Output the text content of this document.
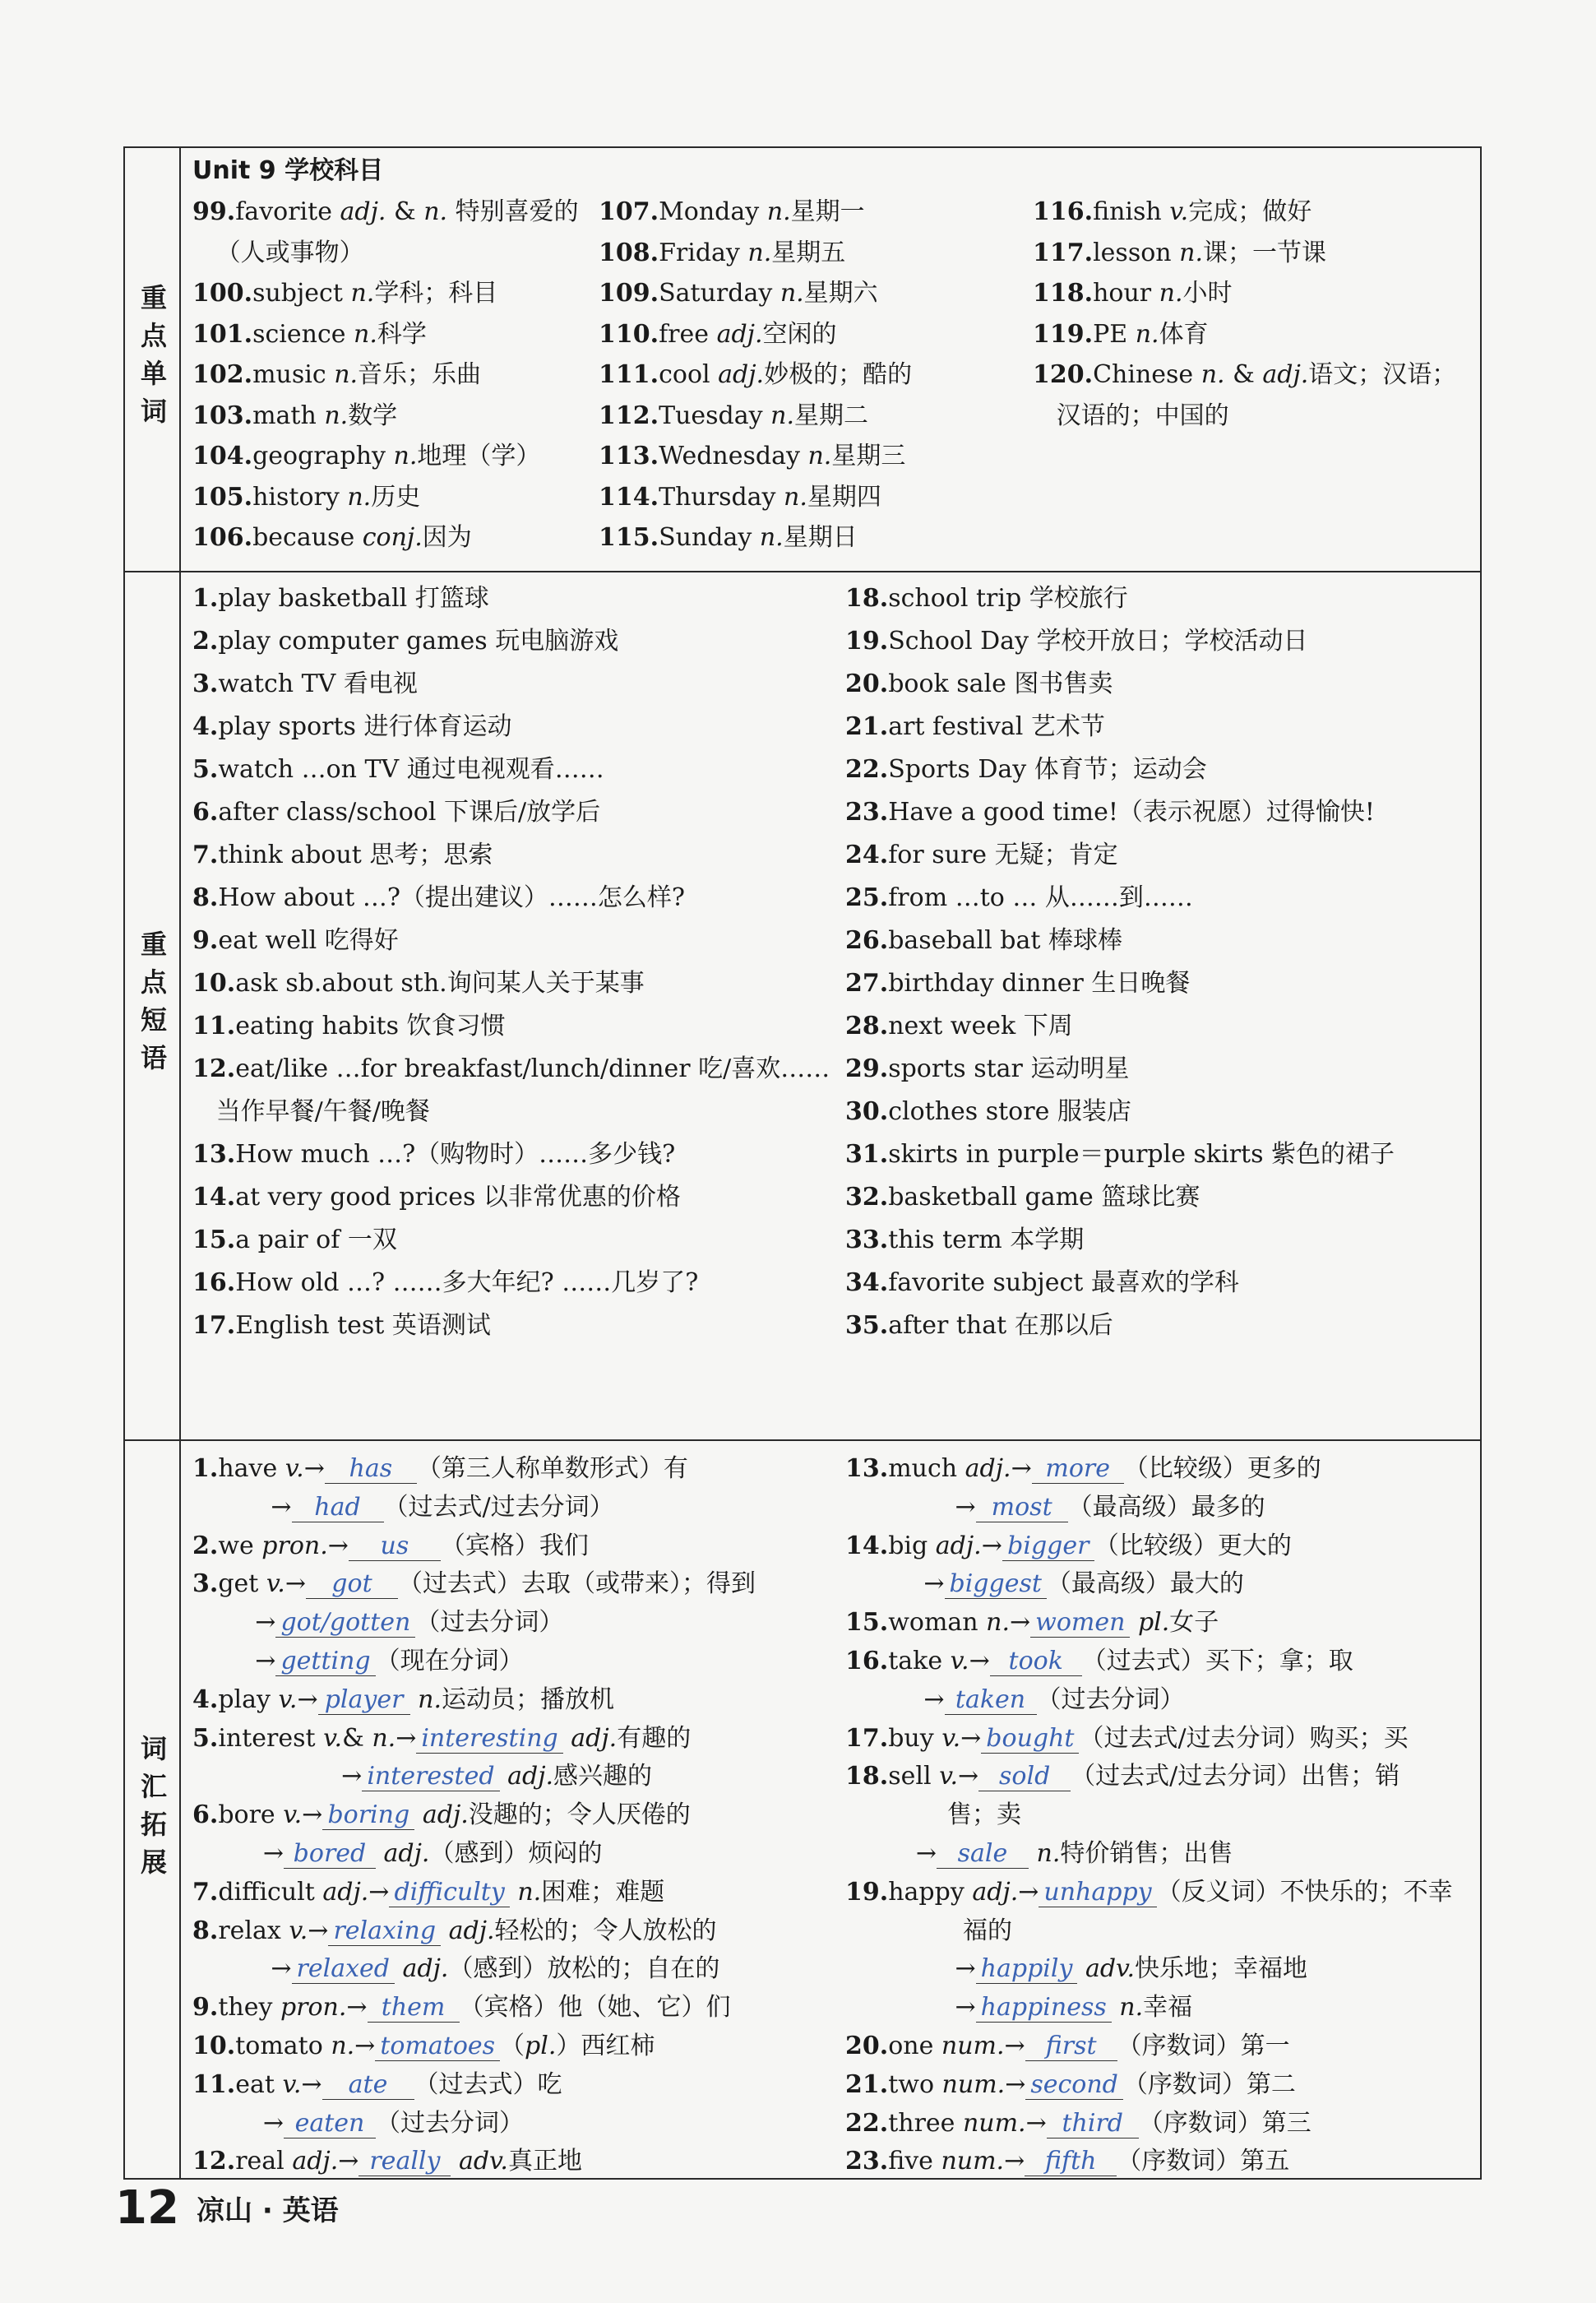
重点单词
Unit 9 学校科目
99.favorite adj. & n. 特别喜爱的
（人或事物）
100.subject n.学科；科目
101.science n.科学
102.music n.音乐；乐曲
103.math n.数学
104.geography n.地理（学）
105.history n.历史
106.because conj.因为
107.Monday n.星期一
108.Friday n.星期五
109.Saturday n.星期六
110.free adj.空闲的
111.cool adj.妙极的；酷的
112.Tuesday n.星期二
113.Wednesday n.星期三
114.Thursday n.星期四
115.Sunday n.星期日
116.finish v.完成；做好
117.lesson n.课；一节课
118.hour n.小时
119.PE n.体育
120.Chinese n. & adj.语文；汉语；
汉语的；中国的
重点短语
1.play basketball 打篮球
2.play computer games 玩电脑游戏
3.watch TV 看电视
4.play sports 进行体育运动
5.watch …on TV 通过电视观看……
6.after class/school 下课后/放学后
7.think about 思考；思索
8.How about …?（提出建议）……怎么样?
9.eat well 吃得好
10.ask sb.about sth.询问某人关于某事
11.eating habits 饮食习惯
12.eat/like …for breakfast/lunch/dinner 吃/喜欢……
当作早餐/午餐/晚餐
13.How much …?（购物时）……多少钱?
14.at very good prices 以非常优惠的价格
15.a pair of 一双
16.How old …? ……多大年纪? ……几岁了?
17.English test 英语测试
18.school trip 学校旅行
19.School Day 学校开放日；学校活动日
20.book sale 图书售卖
21.art festival 艺术节
22.Sports Day 体育节；运动会
23.Have a good time!（表示祝愿）过得愉快!
24.for sure 无疑；肯定
25.from …to … 从……到……
26.baseball bat 棒球棒
27.birthday dinner 生日晚餐
28.next week 下周
29.sports star 运动明星
30.clothes store 服装店
31.skirts in purple＝purple skirts 紫色的裙子
32.basketball game 篮球比赛
33.this term 本学期
34.favorite subject 最喜欢的学科
35.after that 在那以后
词汇拓展
1.have v.→ has （第三人称单数形式）有
→ had （过去式/过去分词）
2.we pron.→ us （宾格）我们
3.get v.→ got （过去式）去取（或带来）；得到
→ got/gotten （过去分词）
→ getting （现在分词）
4.play v.→ player n.运动员；播放机
5.interest v.& n.→ interesting adj.有趣的
→ interested adj.感兴趣的
6.bore v.→ boring adj.没趣的；令人厌倦的
→ bored adj.（感到）烦闷的
7.difficult adj.→ difficulty n.困难；难题
8.relax v.→ relaxing adj.轻松的；令人放松的
→ relaxed adj.（感到）放松的；自在的
9.they pron.→ them （宾格）他（她、它）们
10.tomato n.→ tomatoes （pl.）西红柿
11.eat v.→ ate （过去式）吃
→ eaten （过去分词）
12.real adj.→ really adv.真正地
13.much adj.→ more （比较级）更多的
→ most （最高级）最多的
14.big adj.→ bigger （比较级）更大的
→ biggest （最高级）最大的
15.woman n.→ women pl.女子
16.take v.→ took （过去式）买下；拿；取
→ taken （过去分词）
17.buy v.→ bought （过去式/过去分词）购买；买
18.sell v.→ sold （过去式/过去分词）出售；销
售；卖
→ sale n.特价销售；出售
19.happy adj.→ unhappy （反义词）不快乐的；不幸
福的
→ happily adv.快乐地；幸福地
→ happiness n.幸福
20.one num.→ first （序数词）第一
21.two num.→ second （序数词）第二
22.three num.→ third （序数词）第三
23.five num.→ fifth （序数词）第五
12 凉山 · 英语
